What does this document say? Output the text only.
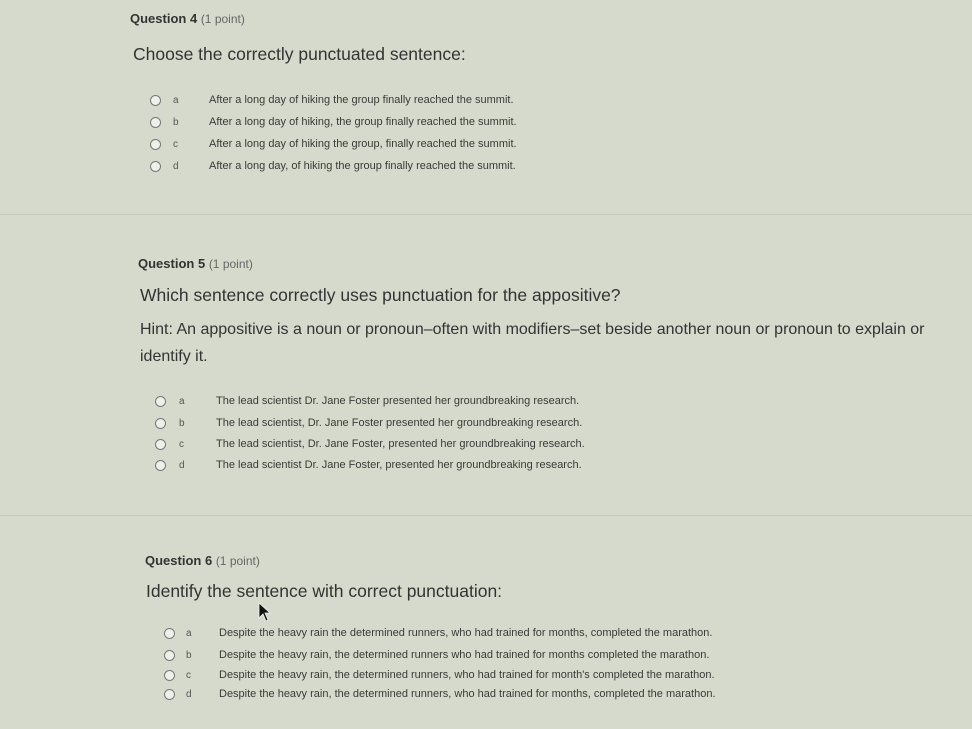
Question 4 (1 point)
Choose the correctly punctuated sentence:
a	After a long day of hiking the group finally reached the summit.
b	After a long day of hiking, the group finally reached the summit.
c	After a long day of hiking the group, finally reached the summit.
d	After a long day, of hiking the group finally reached the summit.
Question 5 (1 point)
Which sentence correctly uses punctuation for the appositive?
Hint: An appositive is a noun or pronoun–often with modifiers–set beside another noun or pronoun to explain or identify it.
a	The lead scientist Dr. Jane Foster presented her groundbreaking research.
b	The lead scientist, Dr. Jane Foster presented her groundbreaking research.
c	The lead scientist, Dr. Jane Foster, presented her groundbreaking research.
d	The lead scientist Dr. Jane Foster, presented her groundbreaking research.
Question 6 (1 point)
Identify the sentence with correct punctuation:
a	Despite the heavy rain the determined runners, who had trained for months, completed the marathon.
b	Despite the heavy rain, the determined runners who had trained for months completed the marathon.
c	Despite the heavy rain, the determined runners, who had trained for month's completed the marathon.
d	Despite the heavy rain, the determined runners, who had trained for months, completed the marathon.
